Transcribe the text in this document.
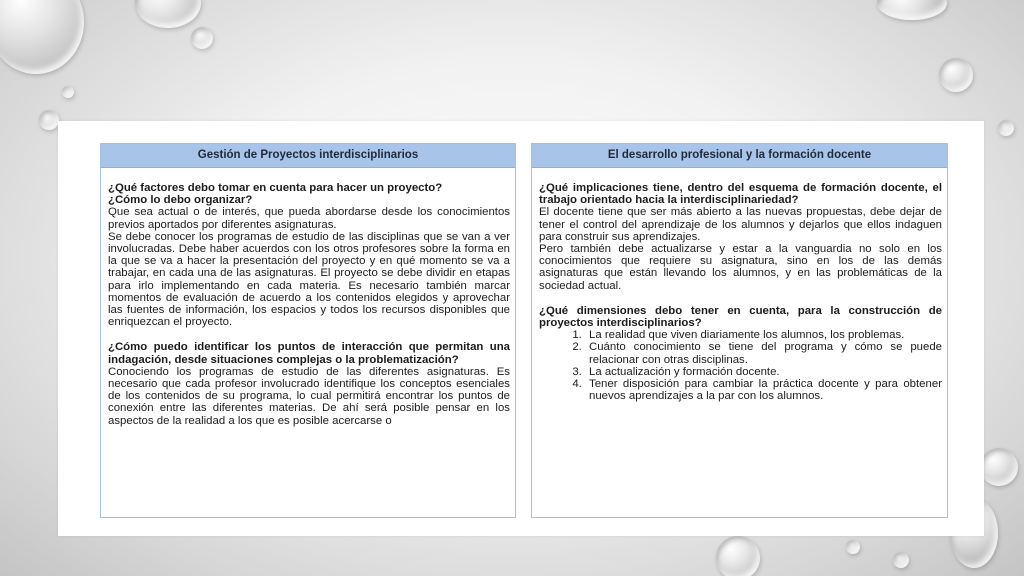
Gestión de Proyectos interdisciplinarios

¿Qué factores debo tomar en cuenta para hacer un proyecto?

¿Cómo lo debo organizar?

Que sea actual o de interés, que pueda abordarse desde los conocimientos previos aportados por diferentes asignaturas.

Se debe conocer los programas de estudio de las disciplinas que se van a ver involucradas. Debe haber acuerdos con los otros profesores sobre la forma en la que se va a hacer la presentación del proyecto y en qué momento se va a trabajar, en cada una de las asignaturas. El proyecto se debe dividir en etapas para irlo implementando en cada materia. Es necesario también marcar momentos de evaluación de acuerdo a los contenidos elegidos y aprovechar las fuentes de información, los espacios y todos los recursos disponibles que enriquezcan el proyecto.

¿Cómo puedo identificar los puntos de interacción que permitan una indagación, desde situaciones complejas o la problematización?

Conociendo los programas de estudio de las diferentes asignaturas. Es necesario que cada profesor involucrado identifique los conceptos esenciales de los contenidos de su programa, lo cual permitirá encontrar los puntos de conexión entre las diferentes materias. De ahí será posible pensar en los aspectos de la realidad a los que es posible acercarse o

El desarrollo profesional y la formación docente

¿Qué implicaciones tiene, dentro del esquema de formación docente, el trabajo orientado hacia la interdisciplinariedad?

El docente tiene que ser más abierto a las nuevas propuestas, debe dejar de tener el control del aprendizaje de los alumnos y dejarlos que ellos indaguen para construir sus aprendizajes.

Pero también debe actualizarse y estar a la vanguardia no solo en los conocimientos que requiere su asignatura, sino en los de las demás asignaturas que están llevando los alumnos, y en las problemáticas de la sociedad actual.

¿Qué dimensiones debo tener en cuenta, para la construcción de proyectos interdisciplinarios?

1. La realidad que viven diariamente los alumnos, los problemas.
2. Cuánto conocimiento se tiene del programa y cómo se puede relacionar con otras disciplinas.
3. La actualización y formación docente.
4. Tener disposición para cambiar la práctica docente y para obtener nuevos aprendizajes a la par con los alumnos.
